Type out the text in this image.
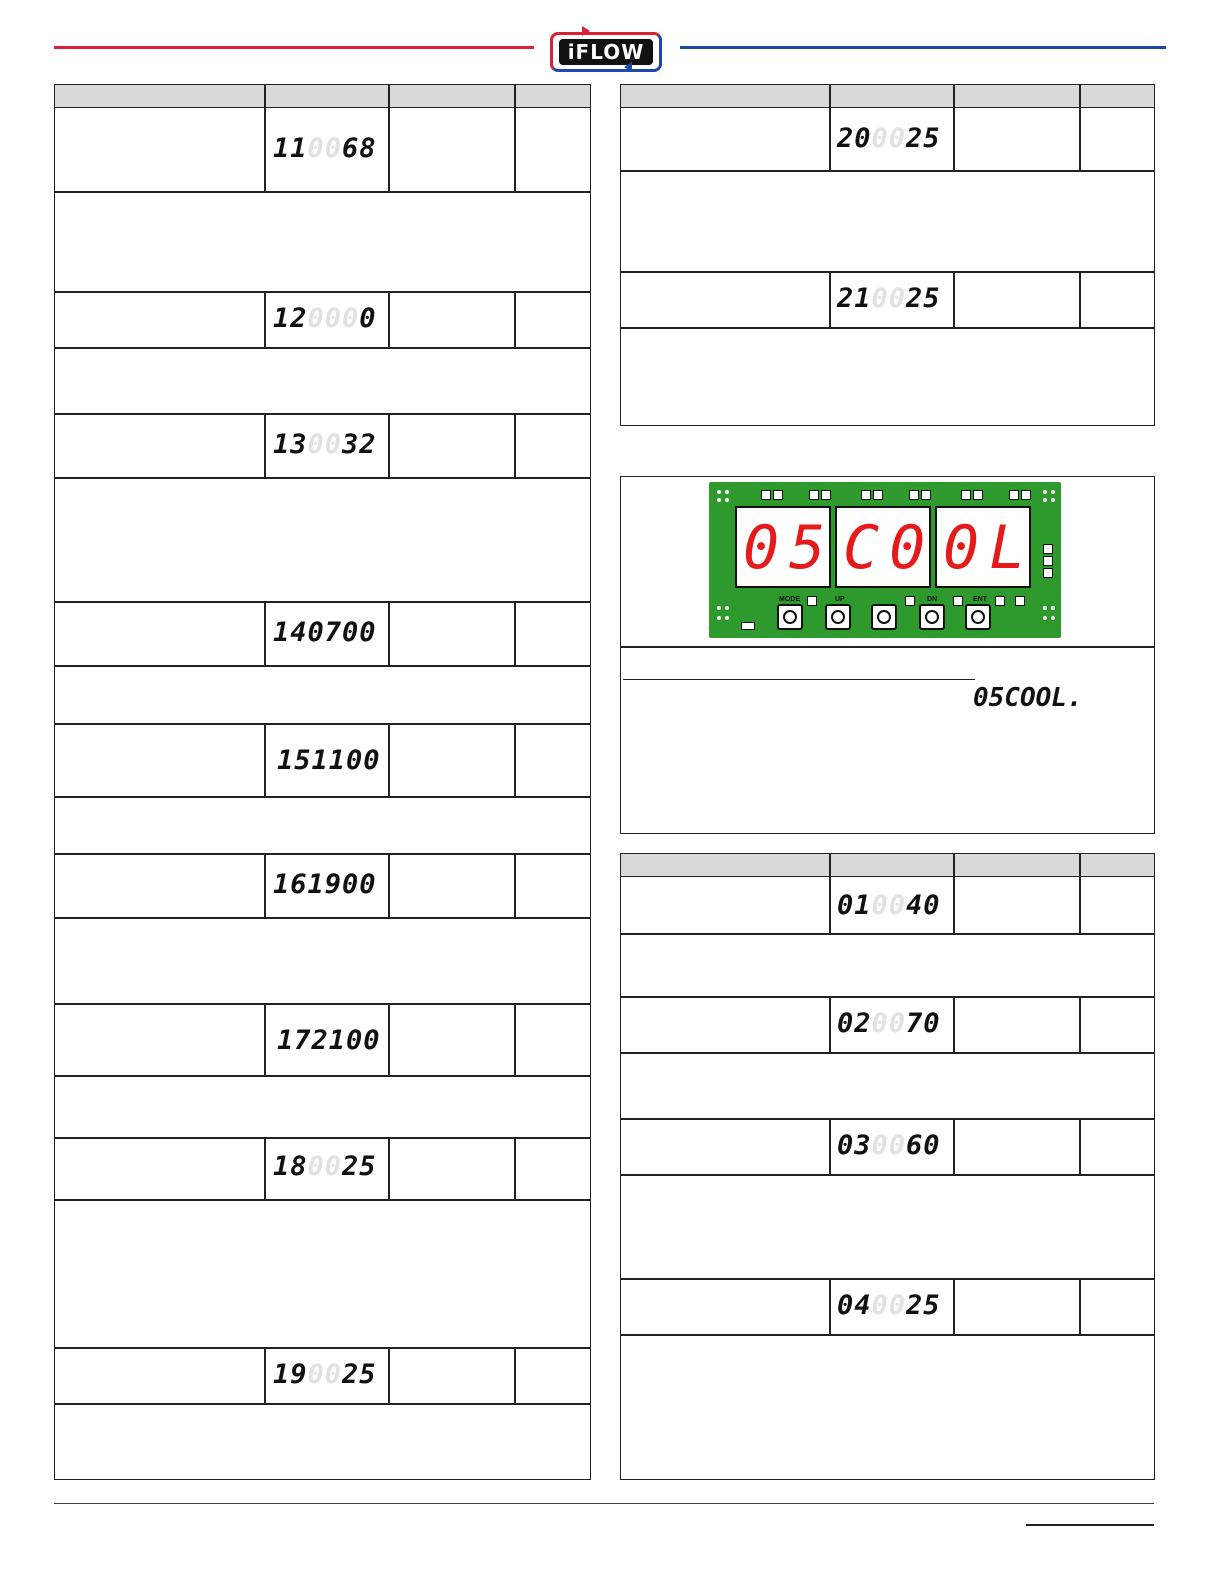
iFLOW
110068
120000
130032
140700
151100
161900
172100
180025
190025
200025
210025
05COOL.
05 C0 0L
MODE	UP	DN	ENT
010040
020070
030060
040025
